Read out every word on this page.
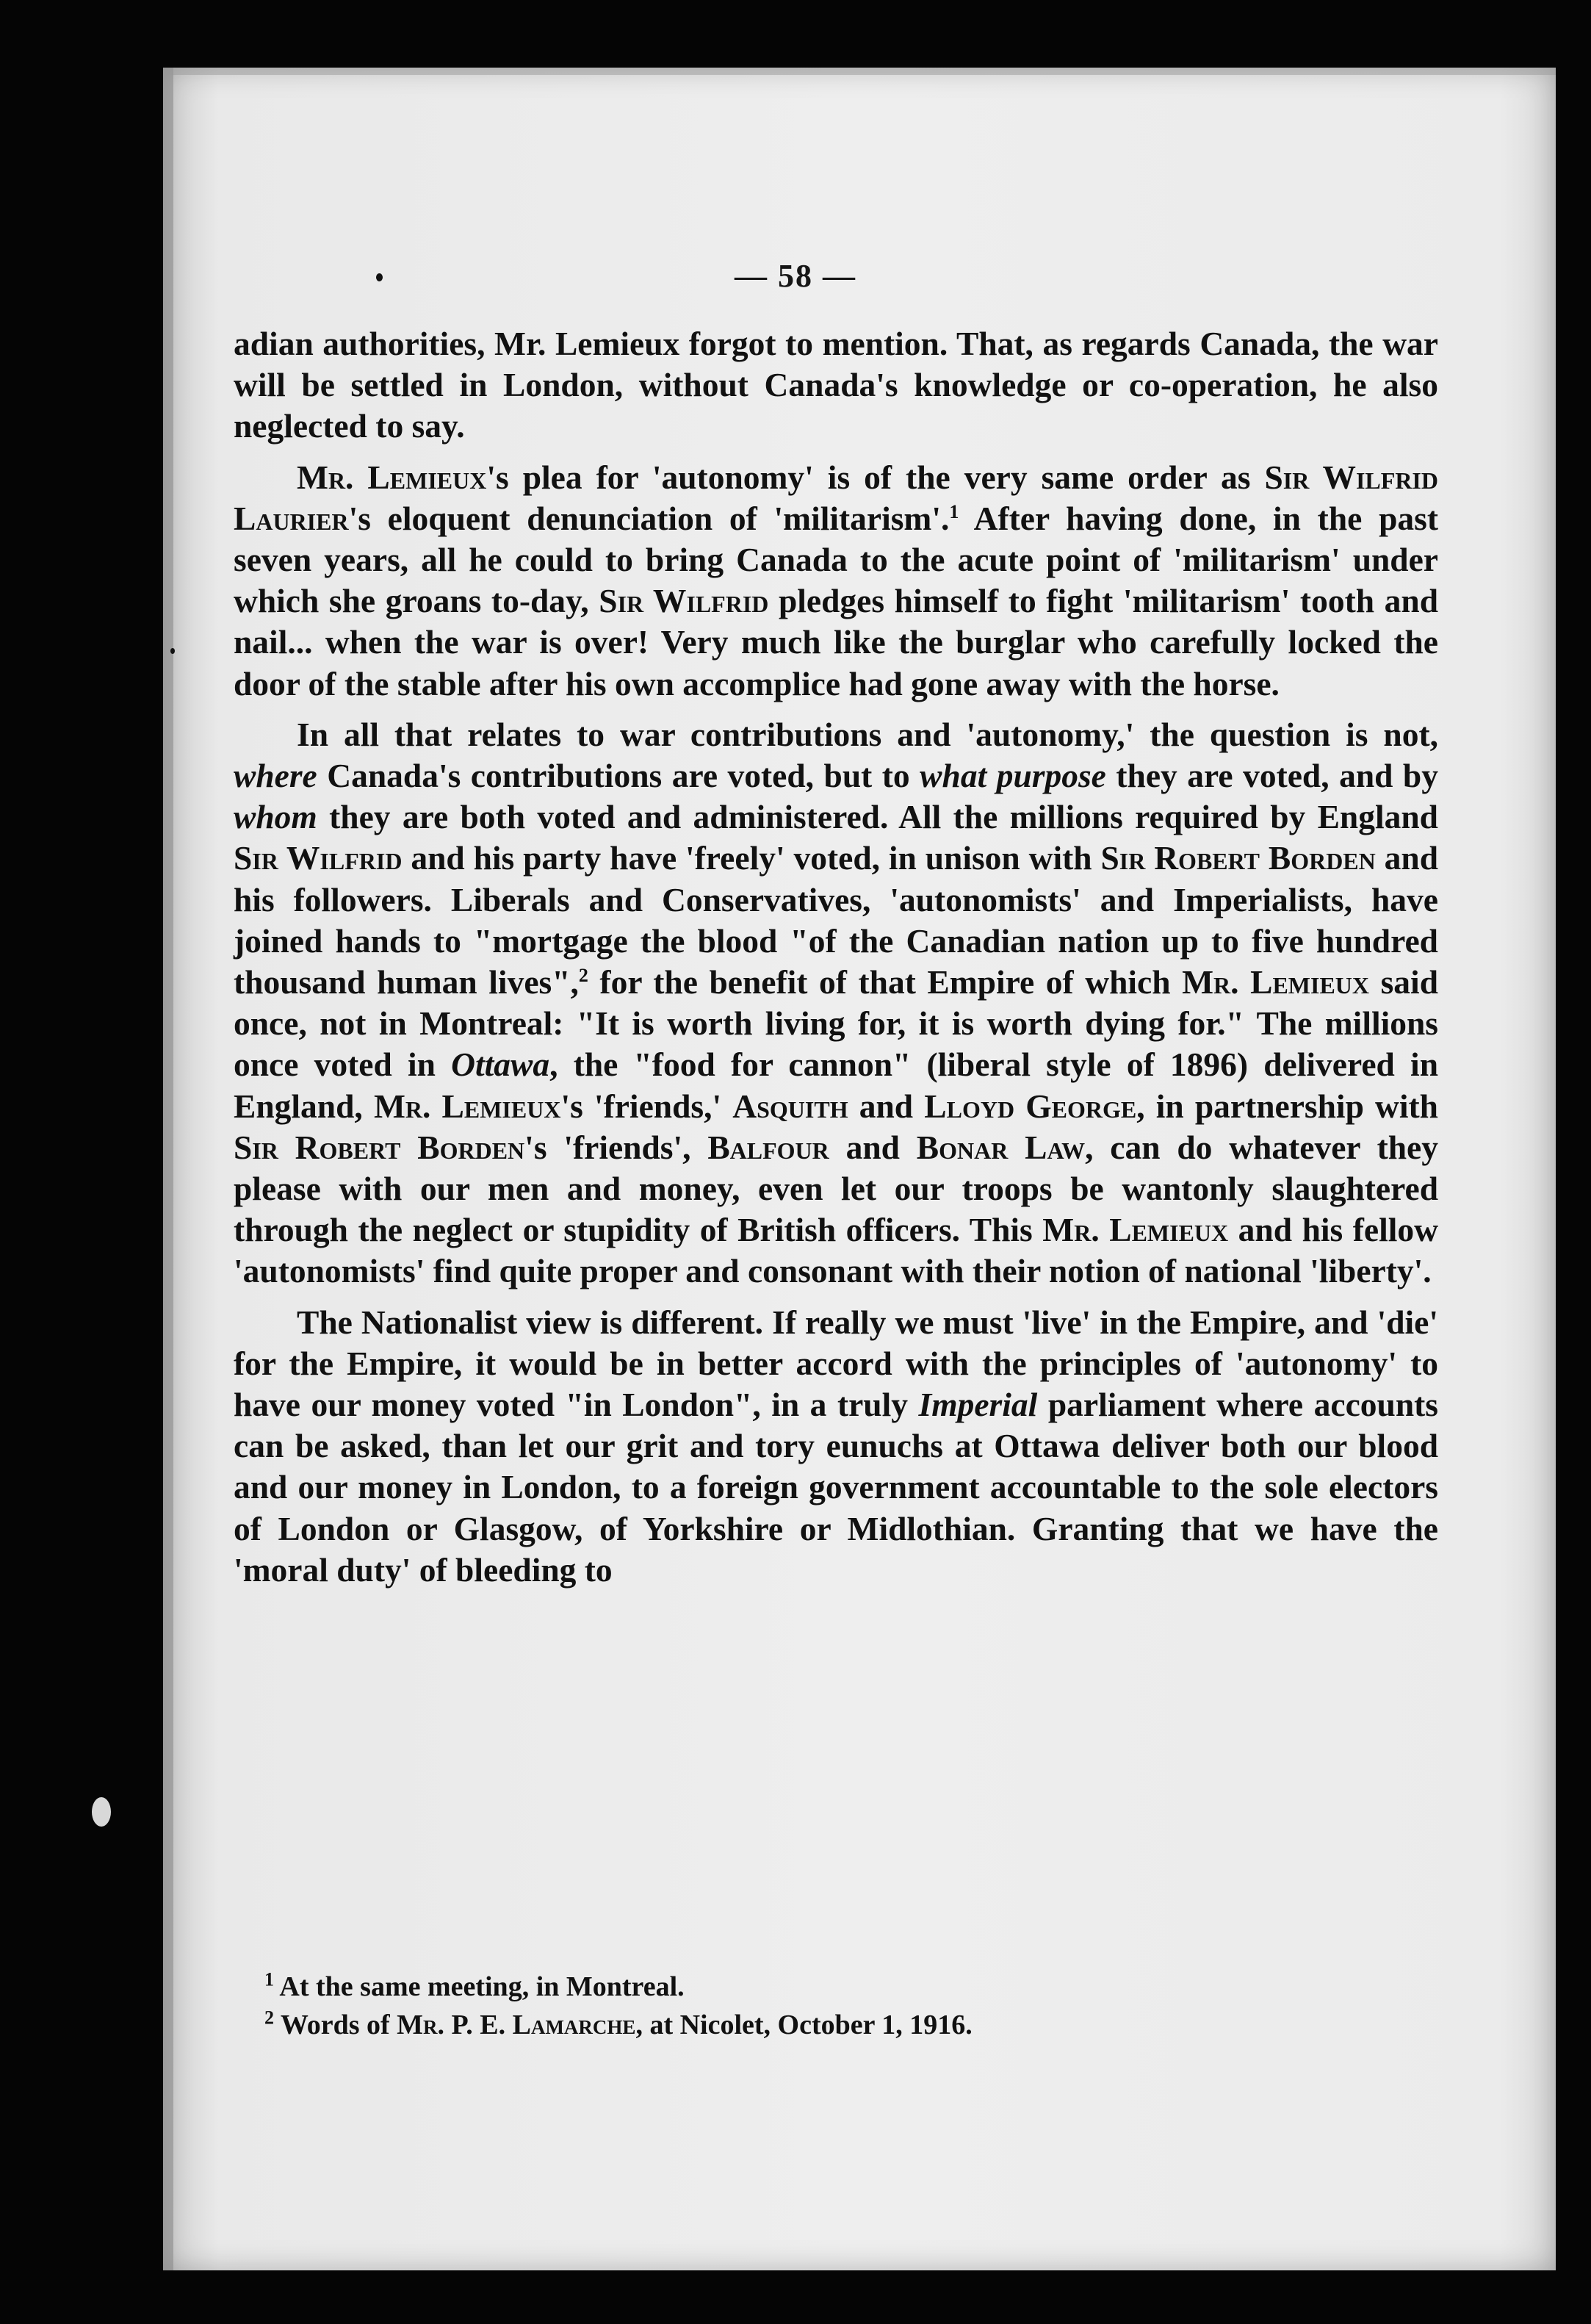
— 58 —

adian authorities, Mr. Lemieux forgot to mention. That, as regards Canada, the war will be settled in London, without Canada's knowledge or co-operation, he also neglected to say.

Mr. Lemieux's plea for 'autonomy' is of the very same order as Sir Wilfrid Laurier's eloquent denunciation of 'militarism'.$^1$ After having done, in the past seven years, all he could to bring Canada to the acute point of 'militarism' under which she groans to-day, Sir Wilfrid pledges himself to fight 'militarism' tooth and nail... when the war is over! Very much like the burglar who carefully locked the door of the stable after his own accomplice had gone away with the horse.

In all that relates to war contributions and 'autonomy,' the question is not, where Canada's contributions are voted, but to what purpose they are voted, and by whom they are both voted and administered. All the millions required by England Sir Wilfrid and his party have 'freely' voted, in unison with Sir Robert Borden and his followers. Liberals and Conservatives, 'autonomists' and Imperialists, have joined hands to "mortgage the blood "of the Canadian nation up to five hundred thousand human lives",$^2$ for the benefit of that Empire of which Mr. Lemieux said once, not in Montreal: "It is worth living for, it is worth dying for." The millions once voted in Ottawa, the "food for cannon" (liberal style of 1896) delivered in England, Mr. Lemieux's 'friends,' Asquith and Lloyd George, in partnership with Sir Robert Borden's 'friends', Balfour and Bonar Law, can do whatever they please with our men and money, even let our troops be wantonly slaughtered through the neglect or stupidity of British officers. This Mr. Lemieux and his fellow 'autonomists' find quite proper and consonant with their notion of national 'liberty'.

The Nationalist view is different. If really we must 'live' in the Empire, and 'die' for the Empire, it would be in better accord with the principles of 'autonomy' to have our money voted "in London", in a truly Imperial parliament where accounts can be asked, than let our grit and tory eunuchs at Ottawa deliver both our blood and our money in London, to a foreign government accountable to the sole electors of London or Glasgow, of Yorkshire or Midlothian. Granting that we have the 'moral duty' of bleeding to

$^1$ At the same meeting, in Montreal.
$^2$ Words of Mr. P. E. Lamarche, at Nicolet, October 1, 1916.
